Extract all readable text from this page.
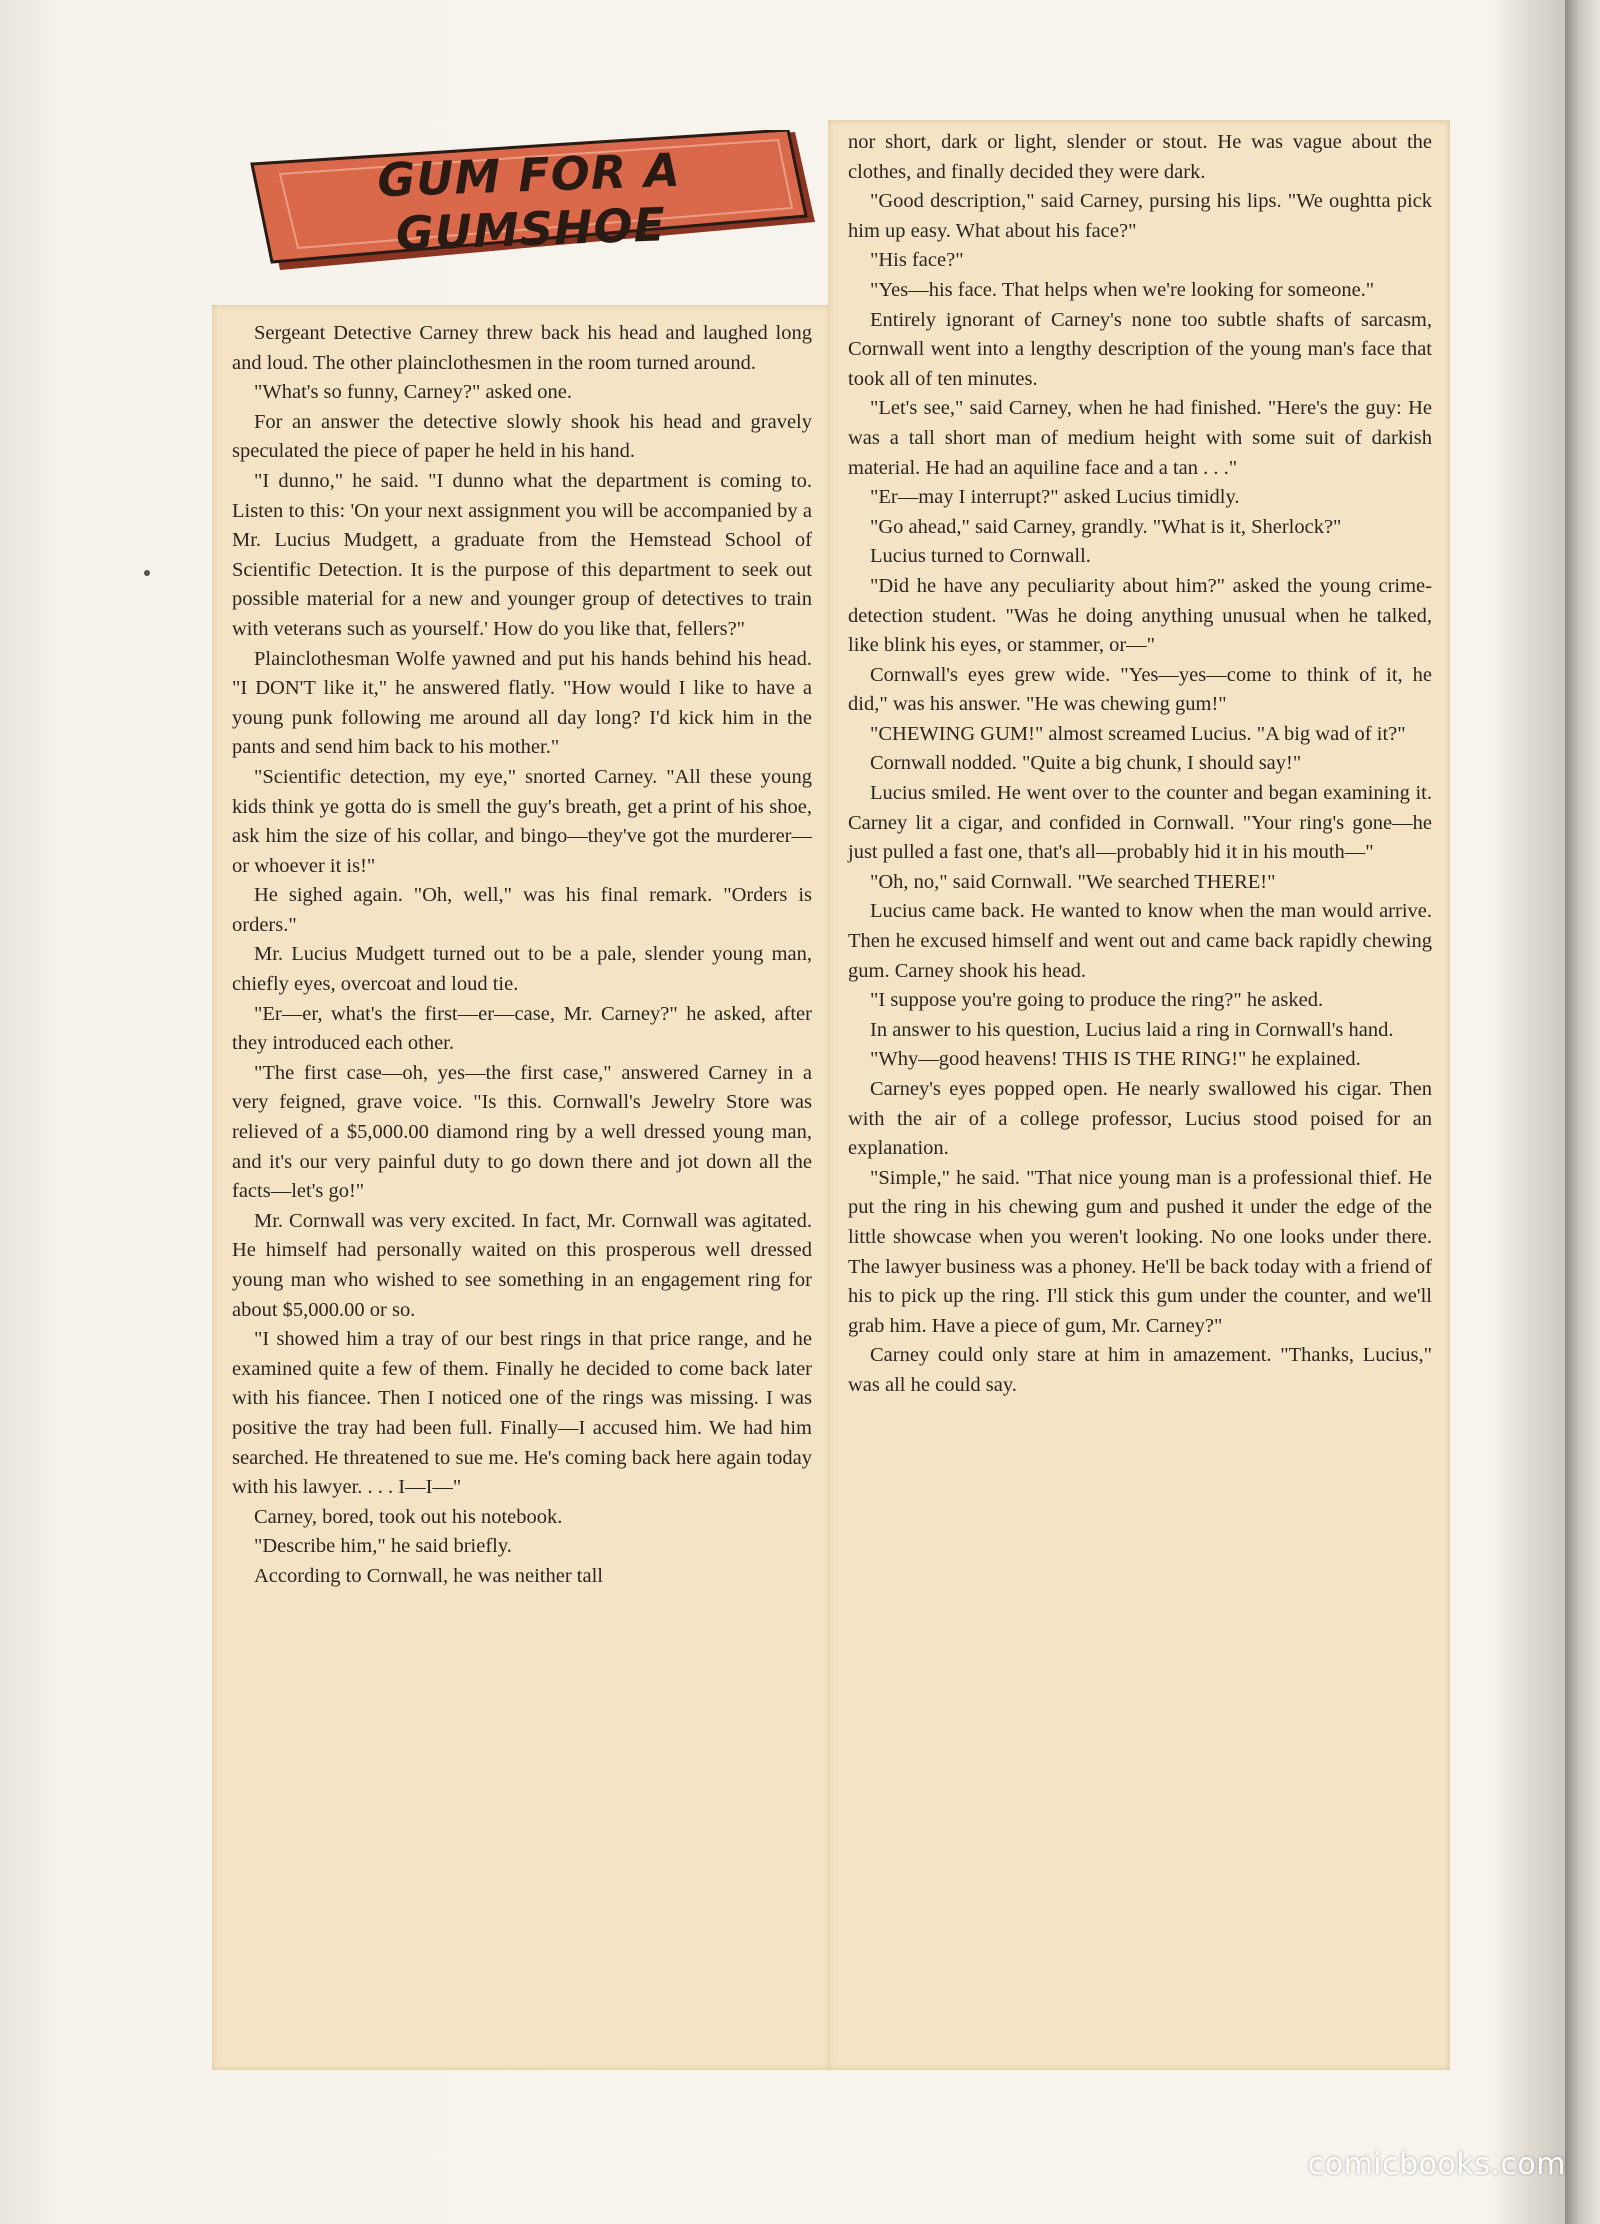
GUM FOR A
GUMSHOE

Sergeant Detective Carney threw back his head and laughed long and loud. The other plainclothesmen in the room turned around.

"What's so funny, Carney?" asked one.

For an answer the detective slowly shook his head and gravely speculated the piece of paper he held in his hand.

"I dunno," he said. "I dunno what the department is coming to. Listen to this: 'On your next assignment you will be accompanied by a Mr. Lucius Mudgett, a graduate from the Hemstead School of Scientific Detection. It is the purpose of this department to seek out possible material for a new and younger group of detectives to train with veterans such as yourself.' How do you like that, fellers?"

Plainclothesman Wolfe yawned and put his hands behind his head. "I DON'T like it," he answered flatly. "How would I like to have a young punk following me around all day long? I'd kick him in the pants and send him back to his mother."

"Scientific detection, my eye," snorted Carney. "All these young kids think ye gotta do is smell the guy's breath, get a print of his shoe, ask him the size of his collar, and bingo—they've got the murderer—or whoever it is!"

He sighed again. "Oh, well," was his final remark. "Orders is orders."

Mr. Lucius Mudgett turned out to be a pale, slender young man, chiefly eyes, overcoat and loud tie.

"Er—er, what's the first—er—case, Mr. Carney?" he asked, after they introduced each other.

"The first case—oh, yes—the first case," answered Carney in a very feigned, grave voice. "Is this. Cornwall's Jewelry Store was relieved of a $5,000.00 diamond ring by a well dressed young man, and it's our very painful duty to go down there and jot down all the facts—let's go!"

Mr. Cornwall was very excited. In fact, Mr. Cornwall was agitated. He himself had personally waited on this prosperous well dressed young man who wished to see something in an engagement ring for about $5,000.00 or so.

"I showed him a tray of our best rings in that price range, and he examined quite a few of them. Finally he decided to come back later with his fiancee. Then I noticed one of the rings was missing. I was positive the tray had been full. Finally—I accused him. We had him searched. He threatened to sue me. He's coming back here again today with his lawyer. . . . I—I—"

Carney, bored, took out his notebook.

"Describe him," he said briefly.

According to Cornwall, he was neither tall

nor short, dark or light, slender or stout. He was vague about the clothes, and finally decided they were dark.

"Good description," said Carney, pursing his lips. "We oughtta pick him up easy. What about his face?"

"His face?"

"Yes—his face. That helps when we're looking for someone."

Entirely ignorant of Carney's none too subtle shafts of sarcasm, Cornwall went into a lengthy description of the young man's face that took all of ten minutes.

"Let's see," said Carney, when he had finished. "Here's the guy: He was a tall short man of medium height with some suit of darkish material. He had an aquiline face and a tan . . ."

"Er—may I interrupt?" asked Lucius timidly.

"Go ahead," said Carney, grandly. "What is it, Sherlock?"

Lucius turned to Cornwall.

"Did he have any peculiarity about him?" asked the young crime-detection student. "Was he doing anything unusual when he talked, like blink his eyes, or stammer, or—"

Cornwall's eyes grew wide. "Yes—yes—come to think of it, he did," was his answer. "He was chewing gum!"

"CHEWING GUM!" almost screamed Lucius. "A big wad of it?"

Cornwall nodded. "Quite a big chunk, I should say!"

Lucius smiled. He went over to the counter and began examining it. Carney lit a cigar, and confided in Cornwall. "Your ring's gone—he just pulled a fast one, that's all—probably hid it in his mouth—"

"Oh, no," said Cornwall. "We searched THERE!"

Lucius came back. He wanted to know when the man would arrive. Then he excused himself and went out and came back rapidly chewing gum. Carney shook his head.

"I suppose you're going to produce the ring?" he asked.

In answer to his question, Lucius laid a ring in Cornwall's hand.

"Why—good heavens! THIS IS THE RING!" he explained.

Carney's eyes popped open. He nearly swallowed his cigar. Then with the air of a college professor, Lucius stood poised for an explanation.

"Simple," he said. "That nice young man is a professional thief. He put the ring in his chewing gum and pushed it under the edge of the little showcase when you weren't looking. No one looks under there. The lawyer business was a phoney. He'll be back today with a friend of his to pick up the ring. I'll stick this gum under the counter, and we'll grab him. Have a piece of gum, Mr. Carney?"

Carney could only stare at him in amazement. "Thanks, Lucius," was all he could say.

comicbooks.com
